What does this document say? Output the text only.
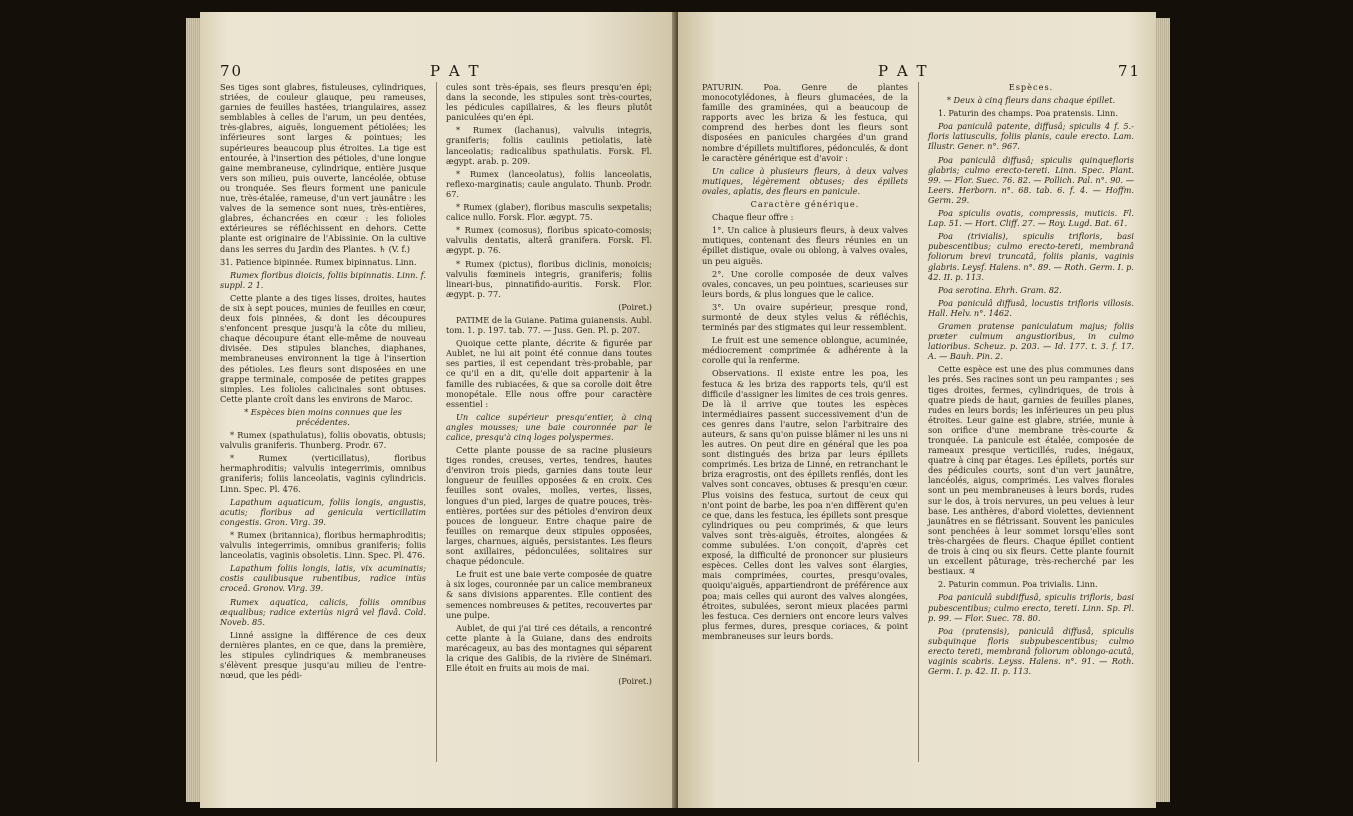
70	P A T

Ses tiges sont glabres, fistuleuses, cylindriques, striées, de couleur glauque, peu rameuses, garnies de feuilles hastées, triangulaires, assez semblables à celles de l'arum, un peu dentées, très-glabres, aiguës, longuement pétiolées; les inférieures sont larges & pointues; les supérieures beaucoup plus étroites. La tige est entourée, à l'insertion des pétioles, d'une longue gaine membraneuse, cylindrique, entière jusque vers son milieu, puis ouverte, lancéolée, obtuse ou tronquée. Ses fleurs forment une panicule nue, très-étalée, rameuse, d'un vert jaunâtre : les valves de la semence sont nues, très-entières, glabres, échancrées en cœur : les folioles extérieures se réfléchissent en dehors. Cette plante est originaire de l'Abissinie. On la cultive dans les serres du Jardin des Plantes. ♄ (V. f.)

31. Patience bipinnée. Rumex bipinnatus. Linn.

Rumex floribus dioicis, foliis bipinnatis. Linn. f. suppl. 2 1.

Cette plante a des tiges lisses, droites, hautes de six à sept pouces, munies de feuilles en cœur, deux fois pinnées, & dont les découpures s'enfoncent presque jusqu'à la côte du milieu, chaque découpure étant elle-même de nouveau divisée. Des stipules blanches, diaphanes, membraneuses environnent la tige à l'insertion des pétioles. Les fleurs sont disposées en une grappe terminale, composée de petites grappes simples. Les folioles calicinales sont obtuses. Cette plante croît dans les environs de Maroc.

* Espèces bien moins connues que les précédentes.

* Rumex (spathulatus), foliis obovatis, obtusis; valvulis graniferis. Thunberg. Prodr. 67.

* Rumex (verticillatus), floribus hermaphroditis; valvulis integerrimis, omnibus graniferis; foliis lanceolatis, vaginis cylindricis. Linn. Spec. Pl. 476.

Lapathum aquaticum, foliis longis, angustis, acutis; floribus ad genicula verticillatim congestis. Gron. Virg. 39.

* Rumex (britannica), floribus hermaphroditis; valvulis integerrimis, omnibus graniferis; foliis lanceolatis, vaginis obsoletis. Linn. Spec. Pl. 476.

Lapathum foliis longis, latis, vix acuminatis; costis caulibusque rubentibus, radice intùs croceâ. Gronov. Virg. 39.

Rumex aquatica, calicis, foliis omnibus æqualibus; radice exteriùs nigrâ vel flavâ. Cold. Noveb. 85.

Linné assigne la différence de ces deux dernières plantes, en ce que, dans la première, les stipules cylindriques & membraneuses s'élèvent presque jusqu'au milieu de l'entre-nœud, que les pédi-

cules sont très-épais, ses fleurs presqu'en épi; dans la seconde, les stipules sont très-courtes, les pédicules capillaires, & les fleurs plutôt paniculées qu'en épi.

* Rumex (lachanus), valvulis integris, graniferis; foliis caulinis petiolatis, latè lanceolatis; radicalibus spathulatis. Forsk. Fl. ægypt. arab. p. 209.

* Rumex (lanceolatus), foliis lanceolatis, reflexo-marginatis; caule angulato. Thunb. Prodr. 67.

* Rumex (glaber), floribus masculis sexpetalis; calice nullo. Forsk. Flor. ægypt. 75.

* Rumex (comosus), floribus spicato-comosis; valvulis dentatis, alterâ granifera. Forsk. Fl. ægypt. p. 76.

* Rumex (pictus), floribus diclinis, monoicis; valvulis fœmineis integris, graniferis; foliis lineari-bus, pinnatifido-auritis. Forsk. Flor. ægypt. p. 77.

(Poiret.)

PATIME de la Guiane. Patima guianensis. Aubl. tom. 1. p. 197. tab. 77. — Juss. Gen. Pl. p. 207.

Quoique cette plante, décrite & figurée par Aublet, ne lui ait point été connue dans toutes ses parties, il est cependant très-probable, par ce qu'il en a dit, qu'elle doit appartenir à la famille des rubiacées, & que sa corolle doit être monopétale. Elle nous offre pour caractère essentiel :

Un calice supérieur presqu'entier, à cinq angles mousses; une baie couronnée par le calice, presqu'à cinq loges polyspermes.

Cette plante pousse de sa racine plusieurs tiges rondes, creuses, vertes, tendres, hautes d'environ trois pieds, garnies dans toute leur longueur de feuilles opposées & en croix. Ces feuilles sont ovales, molles, vertes, lisses, longues d'un pied, larges de quatre pouces, très-entières, portées sur des pétioles d'environ deux pouces de longueur. Entre chaque paire de feuilles on remarque deux stipules opposées, larges, charnues, aiguës, persistantes. Les fleurs sont axillaires, pédonculées, solitaires sur chaque pédoncule.

Le fruit est une baie verte composée de quatre à six loges, couronnée par un calice membraneux & sans divisions apparentes. Elle contient des semences nombreuses & petites, recouvertes par une pulpe.

Aublet, de qui j'ai tiré ces détails, a rencontré cette plante à la Guiane, dans des endroits marécageux, au bas des montagnes qui séparent la crique des Galibis, de la rivière de Sinémari. Elle étoit en fruits au mois de mai.

(Poiret.)

P A T	71

PATURIN. Poa. Genre de plantes monocotylédones, à fleurs glumacées, de la famille des graminées, qui a beaucoup de rapports avec les briza & les festuca, qui comprend des herbes dont les fleurs sont disposées en panicules chargées d'un grand nombre d'épillets multiflores, pédonculés, & dont le caractère générique est d'avoir :

Un calice à plusieurs fleurs, à deux valves mutiques, légèrement obtuses; des épillets ovales, aplatis, des fleurs en panicule.

Caractère générique.

Chaque fleur offre :

1°. Un calice à plusieurs fleurs, à deux valves mutiques, contenant des fleurs réunies en un épillet distique, ovale ou oblong, à valves ovales, un peu aiguës.

2°. Une corolle composée de deux valves ovales, concaves, un peu pointues, scarieuses sur leurs bords, & plus longues que le calice.

3°. Un ovaire supérieur, presque rond, surmonté de deux styles velus & réfléchis, terminés par des stigmates qui leur ressemblent.

Le fruit est une semence oblongue, acuminée, médiocrement comprimée & adhérente à la corolle qui la renferme.

Observations. Il existe entre les poa, les festuca & les briza des rapports tels, qu'il est difficile d'assigner les limites de ces trois genres. De là il arrive que toutes les espèces intermédiaires passent successivement d'un de ces genres dans l'autre, selon l'arbitraire des auteurs, & sans qu'on puisse blâmer ni les uns ni les autres. On peut dire en général que les poa sont distingués des briza par leurs épillets comprimés. Les briza de Linné, en retranchant le briza eragrostis, ont des épillets renflés, dont les valves sont concaves, obtuses & presqu'en cœur. Plus voisins des festuca, surtout de ceux qui n'ont point de barbe, les poa n'en diffèrent qu'en ce que, dans les festuca, les épillets sont presque cylindriques ou peu comprimés, & que leurs valves sont très-aiguës, étroites, alongées & comme subulées. L'on conçoit, d'après cet exposé, la difficulté de prononcer sur plusieurs espèces. Celles dont les valves sont élargies, mais comprimées, courtes, presqu'ovales, quoiqu'aiguës, appartiendront de préférence aux poa; mais celles qui auront des valves alongées, étroites, subulées, seront mieux placées parmi les festuca. Ces derniers ont encore leurs valves plus fermes, dures, presque coriaces, & point membraneuses sur leurs bords.

Espèces.

* Deux à cinq fleurs dans chaque épillet.

1. Paturin des champs. Poa pratensis. Linn.

Poa paniculâ patente, diffusâ; spiculis 4 f. 5.-floris latiusculis, foliis planis, caule erecto. Lam. Illustr. Gener. n°. 967.

Poa paniculâ diffusâ; spiculis quinquefloris glabris; culmo erecto-tereti. Linn. Spec. Plant. 99. — Flor. Suec. 76. 82. — Pollich. Pal. n°. 90. — Leers. Herborn. n°. 68. tab. 6. f. 4. — Hoffm. Germ. 29.

Poa spiculis ovatis, compressis, muticis. Fl. Lap. 51. — Hort. Cliff. 27. — Roy. Lugd. Bat. 61.

Poa (trivialis), spiculis trifloris, basi pubescentibus; culmo erecto-tereti, membranâ foliorum brevi truncatâ, foliis planis, vaginis glabris. Leysf. Halens. n°. 89. — Roth. Germ. I. p. 42. II. p. 113.

Poa serotina. Ehrh. Gram. 82.

Poa paniculâ diffusâ, locustis trifloris villosis. Hall. Helv. n°. 1462.

Gramen pratense paniculatum majus; foliis præter culmum angustioribus, in culmo latioribus. Scheuz. p. 203. — Id. 177. t. 3. f. 17. A. — Bauh. Pin. 2.

Cette espèce est une des plus communes dans les prés. Ses racines sont un peu rampantes ; ses tiges droites, fermes, cylindriques, de trois à quatre pieds de haut, garnies de feuilles planes, rudes en leurs bords; les inférieures un peu plus étroites. Leur gaine est glabre, striée, munie à son orifice d'une membrane très-courte & tronquée. La panicule est étalée, composée de rameaux presque verticillés, rudes, inégaux, quatre à cinq par étages. Les épillets, portés sur des pédicules courts, sont d'un vert jaunâtre, lancéolés, aigus, comprimés. Les valves florales sont un peu membraneuses à leurs bords, rudes sur le dos, à trois nervures, un peu velues à leur base. Les anthères, d'abord violettes, deviennent jaunâtres en se flétrissant. Souvent les panicules sont penchées à leur sommet lorsqu'elles sont très-chargées de fleurs. Chaque épillet contient de trois à cinq ou six fleurs. Cette plante fournit un excellent pâturage, très-recherché par les bestiaux. ♃

2. Paturin commun. Poa trivialis. Linn.

Poa paniculâ subdiffusâ, spiculis trifloris, basi pubescentibus; culmo erecto, tereti. Linn. Sp. Pl. p. 99. — Flor. Suec. 78. 80.

Poa (pratensis), paniculâ diffusâ, spiculis subquinque floris subpubescentibus; culmo erecto tereti, membranâ foliorum oblongo-acutâ, vaginis scabris. Leyss. Halens. n°. 91. — Roth. Germ. I. p. 42. II. p. 113.
